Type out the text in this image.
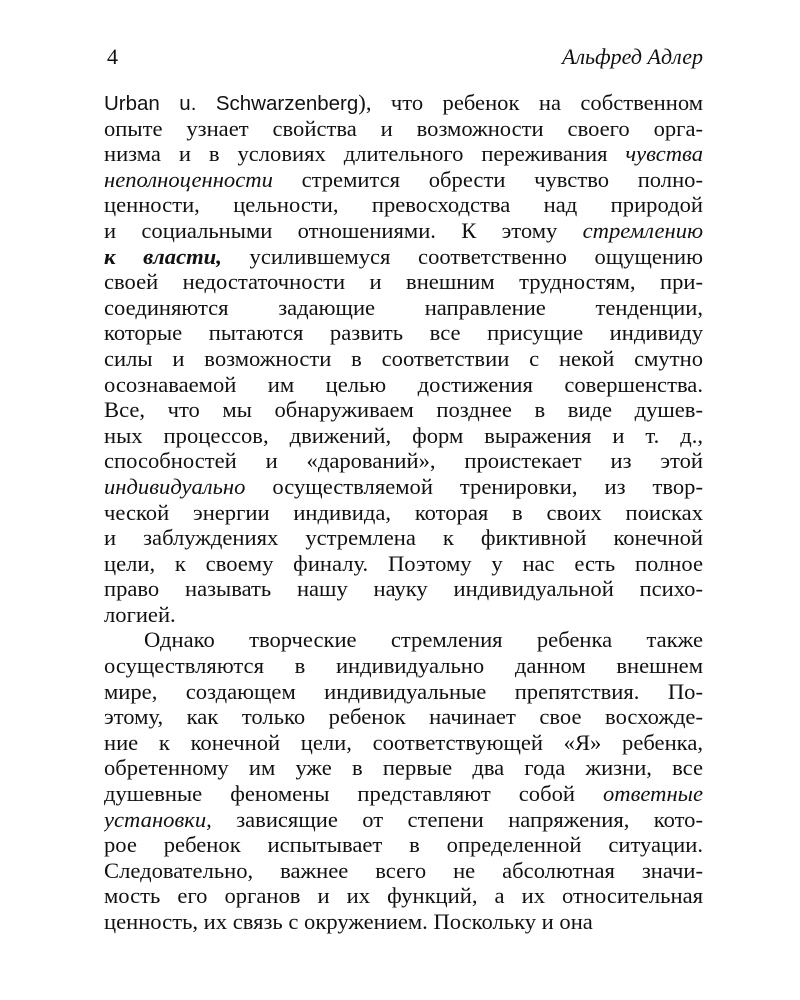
4	Альфред Адлер
Urban u. Schwarzenberg), что ребенок на собственном
опыте узнает свойства и возможности своего орга-
низма и в условиях длительного переживания чувства
неполноценности стремится обрести чувство полно-
ценности, цельности, превосходства над природой
и социальными отношениями. К этому стремлению
к власти, усилившемуся соответственно ощущению
своей недостаточности и внешним трудностям, при-
соединяются задающие направление тенденции,
которые пытаются развить все присущие индивиду
силы и возможности в соответствии с некой смутно
осознаваемой им целью достижения совершенства.
Все, что мы обнаруживаем позднее в виде душев-
ных процессов, движений, форм выражения и т. д.,
способностей и «дарований», проистекает из этой
индивидуально осуществляемой тренировки, из твор-
ческой энергии индивида, которая в своих поисках
и заблуждениях устремлена к фиктивной конечной
цели, к своему финалу. Поэтому у нас есть полное
право называть нашу науку индивидуальной психо-
логией.
Однако творческие стремления ребенка также
осуществляются в индивидуально данном внешнем
мире, создающем индивидуальные препятствия. По-
этому, как только ребенок начинает свое восхожде-
ние к конечной цели, соответствующей «Я» ребенка,
обретенному им уже в первые два года жизни, все
душевные феномены представляют собой ответные
установки, зависящие от степени напряжения, кото-
рое ребенок испытывает в определенной ситуации.
Следовательно, важнее всего не абсолютная значи-
мость его органов и их функций, а их относительная
ценность, их связь с окружением. Поскольку и она
